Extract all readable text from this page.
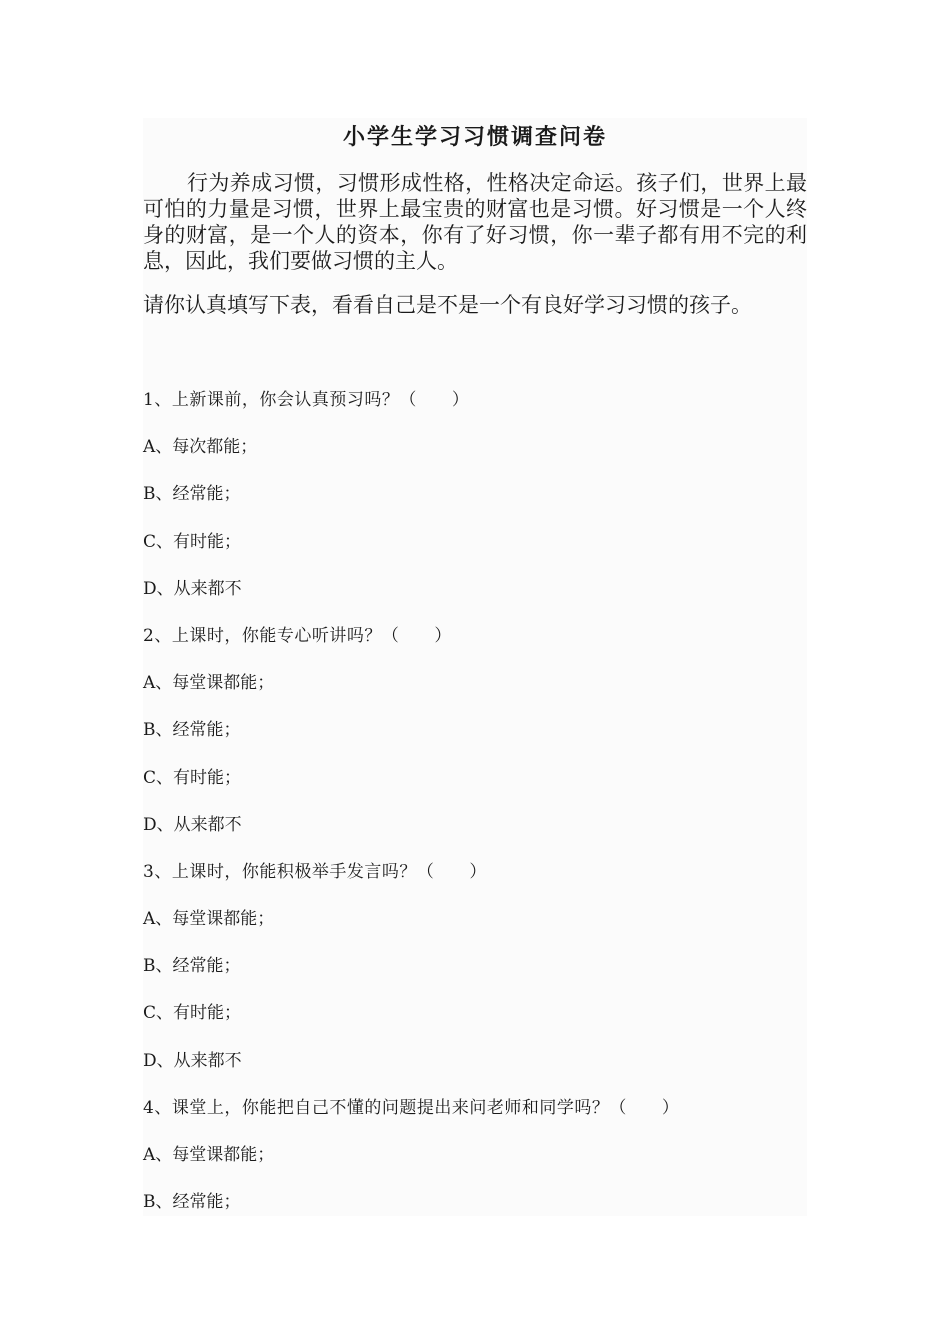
小学生学习习惯调查问卷

行为养成习惯，习惯形成性格，性格决定命运。孩子们，世界上最可怕的力量是习惯，世界上最宝贵的财富也是习惯。好习惯是一个人终身的财富，是一个人的资本，你有了好习惯，你一辈子都有用不完的利息，因此，我们要做习惯的主人。

请你认真填写下表，看看自己是不是一个有良好学习习惯的孩子。

1、上新课前，你会认真预习吗？（　　）
A、每次都能；
B、经常能；
C、有时能；
D、从来都不
2、上课时，你能专心听讲吗？（　　）
A、每堂课都能；
B、经常能；
C、有时能；
D、从来都不
3、上课时，你能积极举手发言吗？（　　）
A、每堂课都能；
B、经常能；
C、有时能；
D、从来都不
4、课堂上，你能把自己不懂的问题提出来问老师和同学吗？（　　）
A、每堂课都能；
B、经常能；
